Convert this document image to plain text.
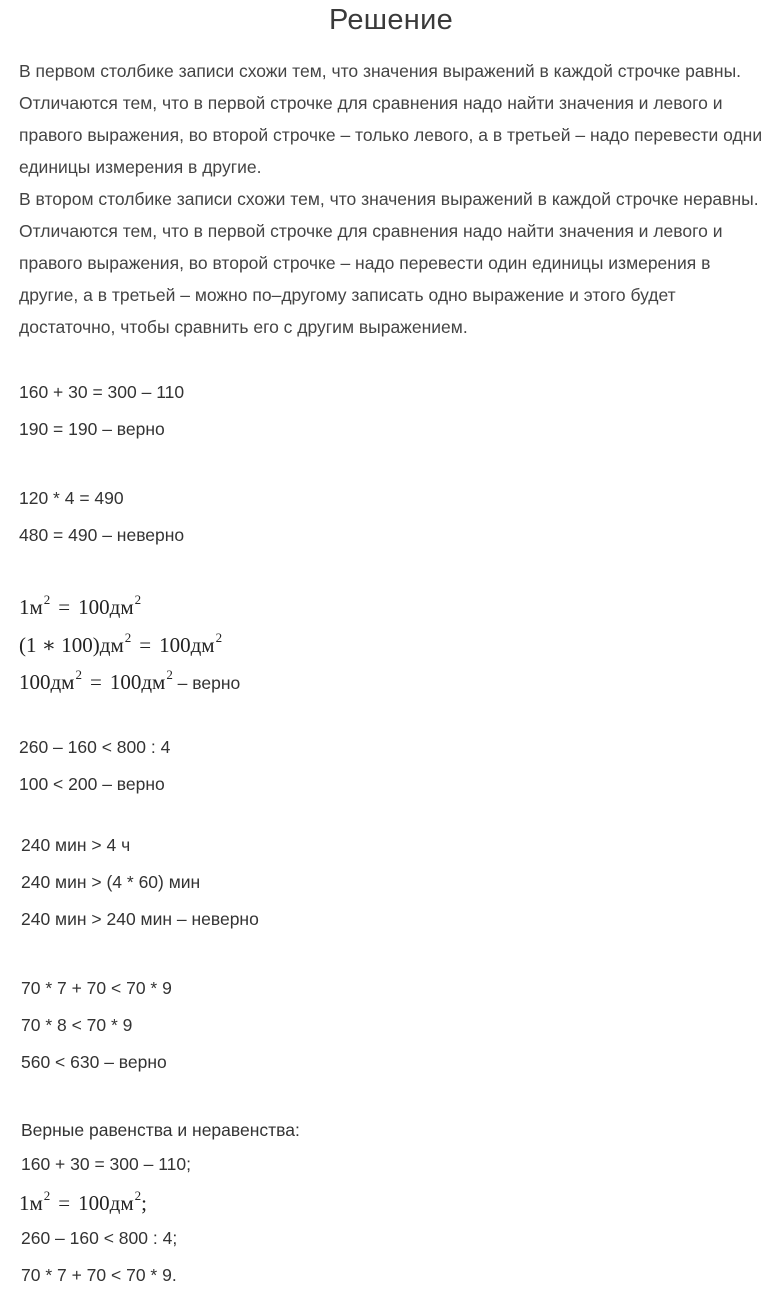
Решение
В первом столбике записи схожи тем, что значения выражений в каждой строчке равны. Отличаются тем, что в первой строчке для сравнения надо найти значения и левого и правого выражения, во второй строчке – только левого, а в третьей – надо перевести одни единицы измерения в другие.
В втором столбике записи схожи тем, что значения выражений в каждой строчке неравны. Отличаются тем, что в первой строчке для сравнения надо найти значения и левого и правого выражения, во второй строчке – надо перевести один единицы измерения в другие, а в третьей – можно по–другому записать одно выражение и этого будет достаточно, чтобы сравнить его с другим выражением.
160 + 30 = 300 – 110
190 = 190 – верно
120 * 4 = 490
480 = 490 – неверно
$1м^2 = 100дм^2$
(1 ∗ $100)дм^2 = 100дм^2$
$100дм^2 = 100дм^2$ – верно
260 – 160 < 800 : 4
100 < 200 – верно
240 мин > 4 ч
240 мин > (4 * 60) мин
240 мин > 240 мин – неверно
70 * 7 + 70 < 70 * 9
70 * 8 < 70 * 9
560 < 630 – верно
Верные равенства и неравенства:
160 + 30 = 300 – 110;
$1м^2 = 100дм^2$;
260 – 160 < 800 : 4;
70 * 7 + 70 < 70 * 9.
